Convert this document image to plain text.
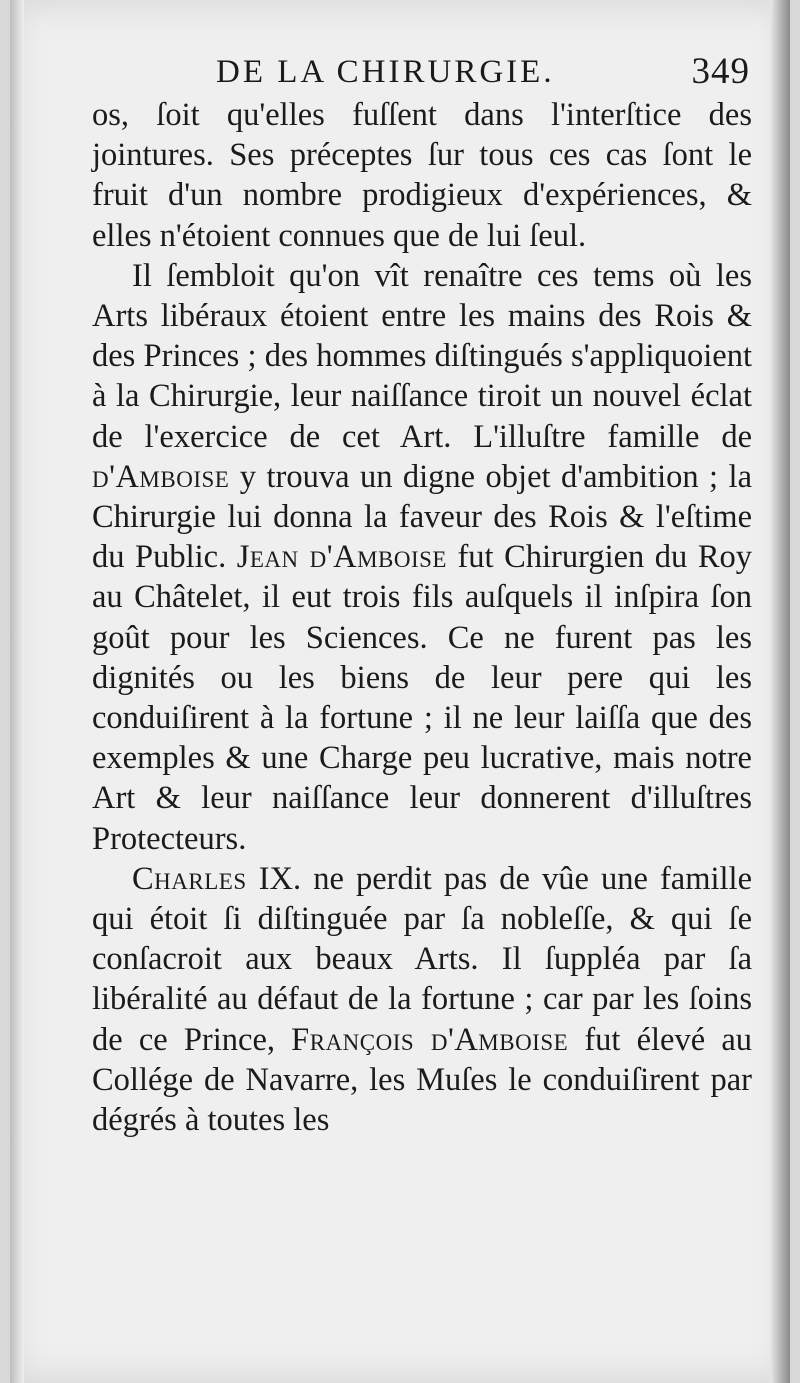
DE LA CHIRURGIE.	349

os, ſoit qu'elles fuſſent dans l'interſtice des jointures. Ses préceptes ſur tous ces cas ſont le fruit d'un nombre prodigieux d'expériences, & elles n'étoient connues que de lui ſeul.

Il ſembloit qu'on vît renaître ces tems où les Arts libéraux étoient entre les mains des Rois & des Princes ; des hommes diſtingués s'appliquoient à la Chirurgie, leur naiſſance tiroit un nouvel éclat de l'exercice de cet Art. L'illuſtre famille de d'Amboise y trouva un digne objet d'ambition ; la Chirurgie lui donna la faveur des Rois & l'eſtime du Public. Jean d'Amboise fut Chirurgien du Roy au Châtelet, il eut trois fils auſquels il inſpira ſon goût pour les Sciences. Ce ne furent pas les dignités ou les biens de leur pere qui les conduiſirent à la fortune ; il ne leur laiſſa que des exemples & une Charge peu lucrative, mais notre Art & leur naiſſance leur donnerent d'illuſtres Protecteurs.

Charles IX. ne perdit pas de vûe une famille qui étoit ſi diſtinguée par ſa nobleſſe, & qui ſe conſacroit aux beaux Arts. Il ſuppléa par ſa libéralité au défaut de la fortune ; car par les ſoins de ce Prince, François d'Amboise fut élevé au Collége de Navarre, les Muſes le conduiſirent par dégrés à toutes les
